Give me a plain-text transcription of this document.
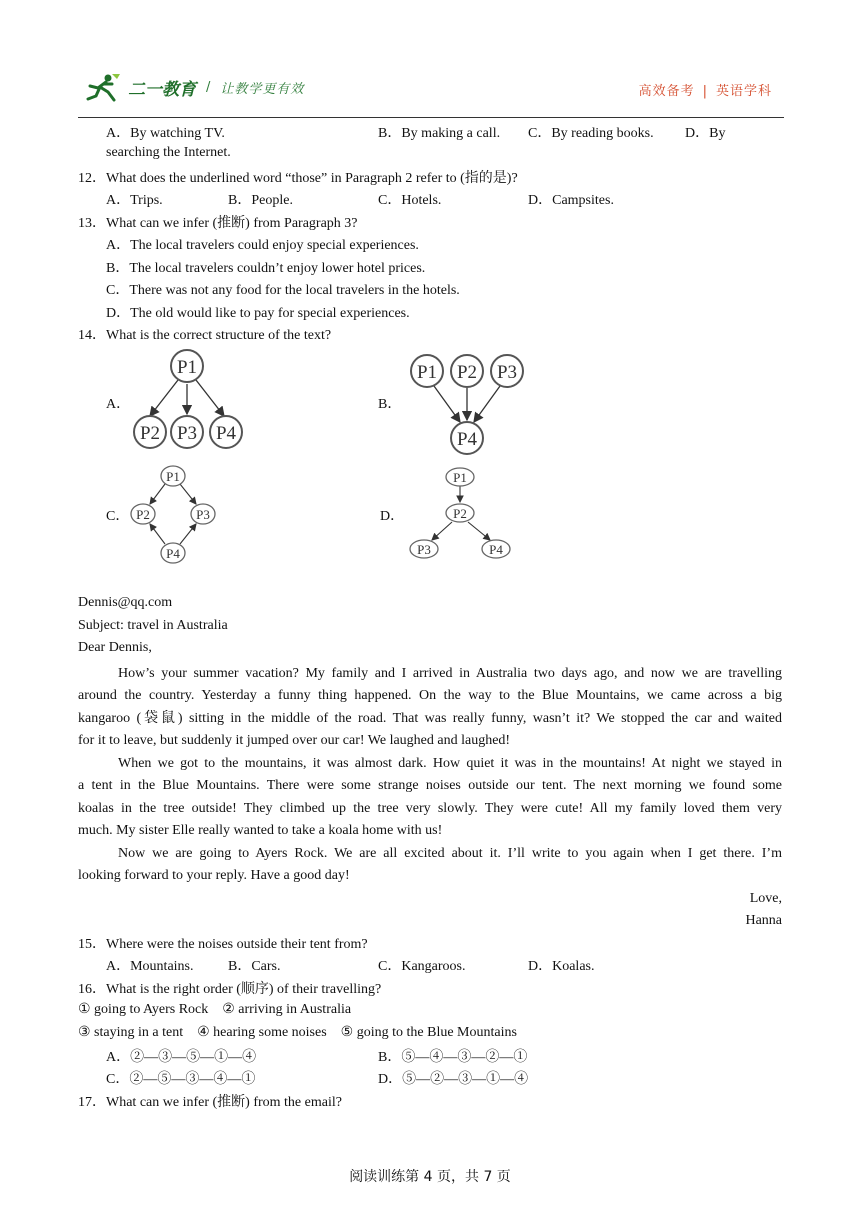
二一教育 / 让教学更有效	高效备考 | 英语学科
A．By watching TV.	B．By making a call. C．By reading books. D．By
searching the Internet.
12．What does the underlined word “those” in Paragraph 2 refer to (指的是)?
A．Trips.	B．People.	C．Hotels.	D．Campsites.
13．What can we infer (推断) from Paragraph 3?
A．The local travelers could enjoy special experiences.
B．The local travelers couldn’t enjoy lower hotel prices.
C．There was not any food for the local travelers in the hotels.
D．The old would like to pay for special experiences.
14．What is the correct structure of the text?
A．	B．
C．	D．
P1
P2 P3 P4
P1 P2 P3
P4
P1
P2	P3
P4
P1
P2
P3	P4
Dennis@qq.com
Subject: travel in Australia
Dear Dennis,
How’s your summer vacation? My family and I arrived in Australia two days ago, and now we are travelling
around the country. Yesterday a funny thing happened. On the way to the Blue Mountains, we came across a big
kangaroo (袋鼠) sitting in the middle of the road. That was really funny, wasn’t it? We stopped the car and waited
for it to leave, but suddenly it jumped over our car! We laughed and laughed!
When we got to the mountains, it was almost dark. How quiet it was in the mountains! At night we stayed in
a tent in the Blue Mountains. There were some strange noises outside our tent. The next morning we found some
koalas in the tree outside! They climbed up the tree very slowly. They were cute! All my family loved them very
much. My sister Elle really wanted to take a koala home with us!
Now we are going to Ayers Rock. We are all excited about it. I’ll write to you again when I get there. I’m
looking forward to your reply. Have a good day!
Love,
Hanna
15．Where were the noises outside their tent from?
A．Mountains. B．Cars.	C．Kangaroos.	D．Koalas.
16．What is the right order (顺序) of their travelling?
① going to Ayers Rock    ② arriving in Australia
③ staying in a tent    ④ hearing some noises    ⑤ going to the Blue Mountains
A．②—③—⑤—①—④	B．⑤—④—③—②—①
C．②—⑤—③—④—①	D．⑤—②—③—①—④
17．What can we infer (推断) from the email?
阅读训练第 4 页，共 7 页
